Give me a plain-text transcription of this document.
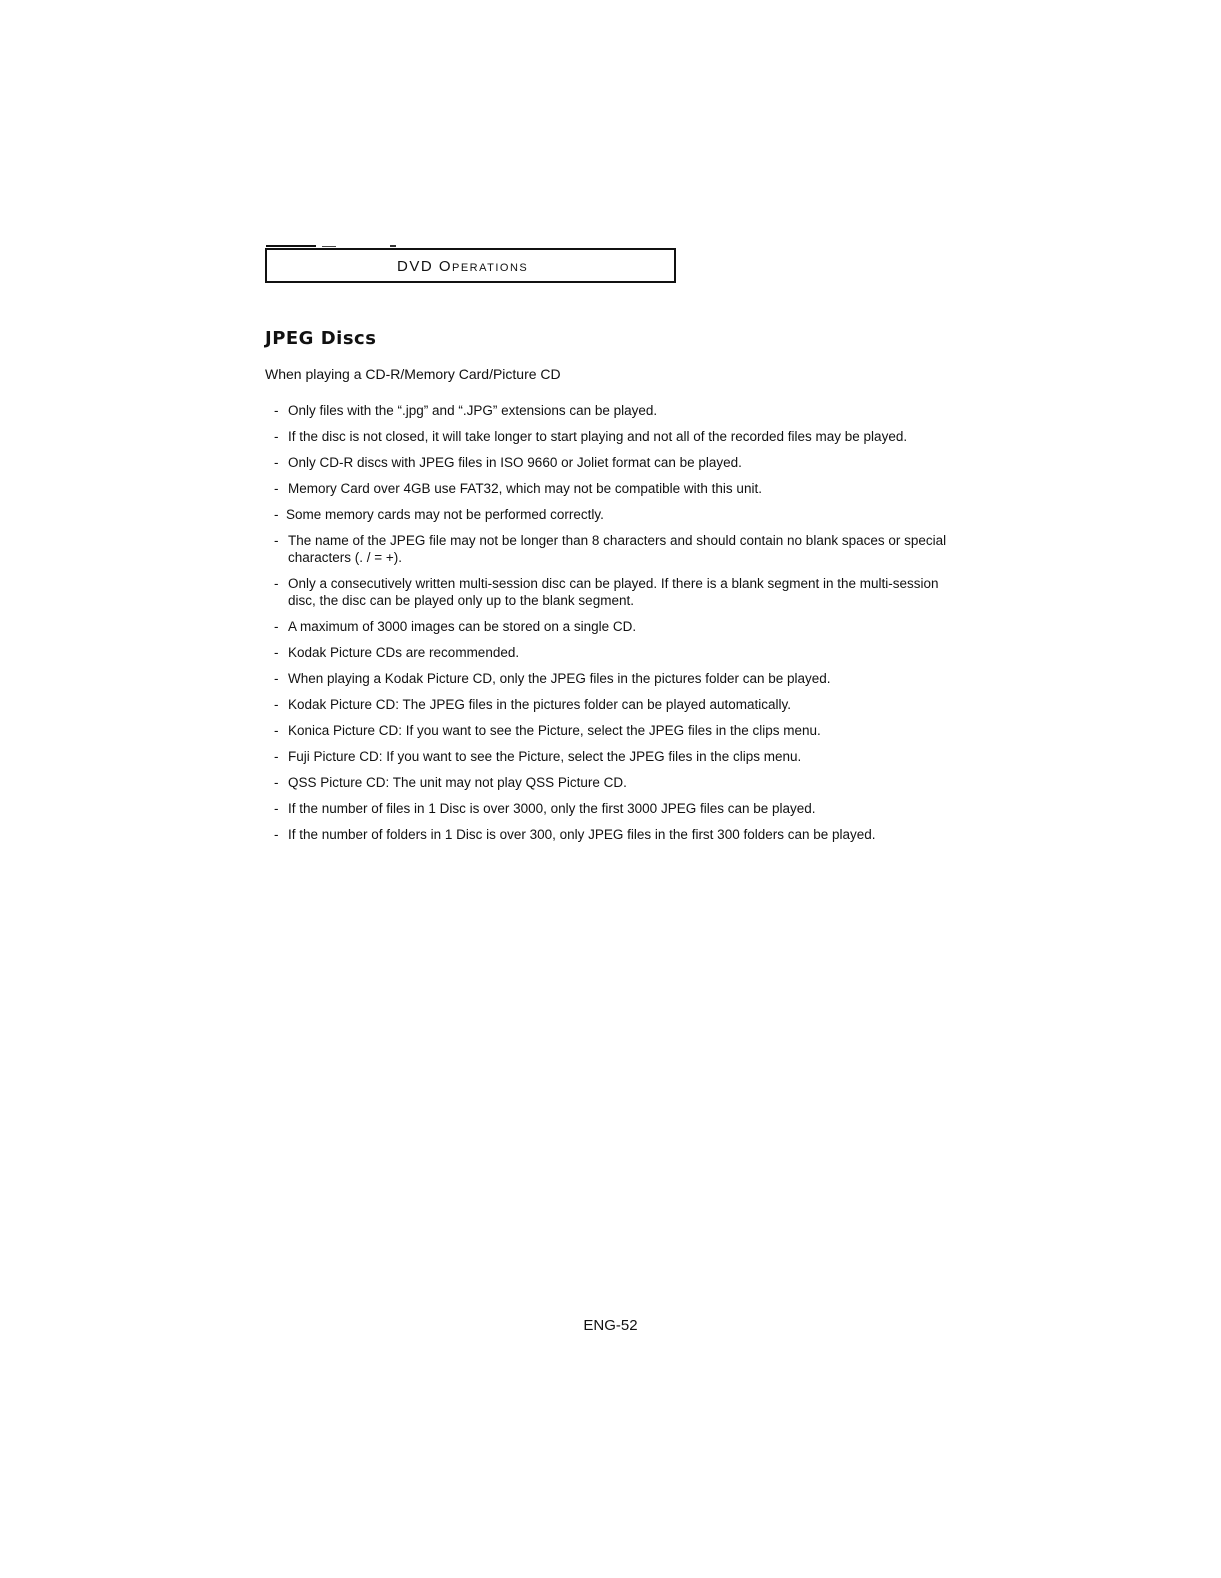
DVD Operations
JPEG Discs
When playing a CD-R/Memory Card/Picture CD
- Only files with the “.jpg” and “.JPG” extensions can be played.
- If the disc is not closed, it will take longer to start playing and not all of the recorded files may be played.
- Only CD-R discs with JPEG files in ISO 9660 or Joliet format can be played.
- Memory Card over 4GB use FAT32, which may not be compatible with this unit.
- Some memory cards may not be performed correctly.
- The name of the JPEG file may not be longer than 8 characters and should contain no blank spaces or special characters (. / = +).
- Only a consecutively written multi-session disc can be played. If there is a blank segment in the multi-session disc, the disc can be played only up to the blank segment.
- A maximum of 3000 images can be stored on a single CD.
- Kodak Picture CDs are recommended.
- When playing a Kodak Picture CD, only the JPEG files in the pictures folder can be played.
- Kodak Picture CD: The JPEG files in the pictures folder can be played automatically.
- Konica Picture CD: If you want to see the Picture, select the JPEG files in the clips menu.
- Fuji Picture CD: If you want to see the Picture, select the JPEG files in the clips menu.
- QSS Picture CD: The unit may not play QSS Picture CD.
- If the number of files in 1 Disc is over 3000, only the first 3000 JPEG files can be played.
- If the number of folders in 1 Disc is over 300, only JPEG files in the first 300 folders can be played.
ENG-52
